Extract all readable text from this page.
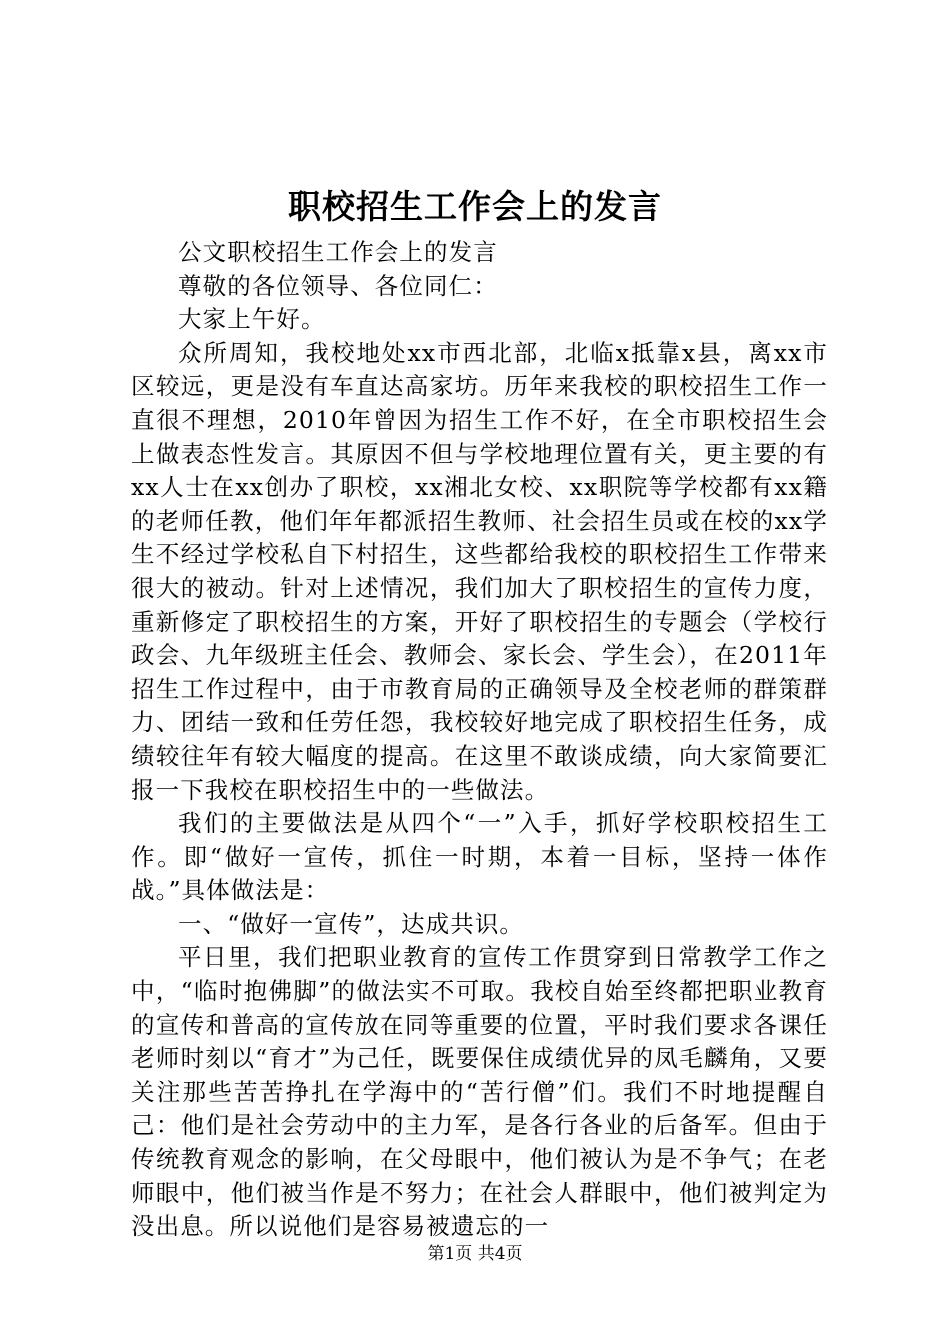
职校招生工作会上的发言

公文职校招生工作会上的发言

尊敬的各位领导、各位同仁：

大家上午好。

众所周知，我校地处xx市西北部，北临x抵靠x县，离xx市区较远，更是没有车直达高家坊。历年来我校的职校招生工作一直很不理想，2010年曾因为招生工作不好，在全市职校招生会上做表态性发言。其原因不但与学校地理位置有关，更主要的有xx人士在xx创办了职校，xx湘北女校、xx职院等学校都有xx籍的老师任教，他们年年都派招生教师、社会招生员或在校的xx学生不经过学校私自下村招生，这些都给我校的职校招生工作带来很大的被动。针对上述情况，我们加大了职校招生的宣传力度，重新修定了职校招生的方案，开好了职校招生的专题会（学校行政会、九年级班主任会、教师会、家长会、学生会），在2011年招生工作过程中，由于市教育局的正确领导及全校老师的群策群力、团结一致和任劳任怨，我校较好地完成了职校招生任务，成绩较往年有较大幅度的提高。在这里不敢谈成绩，向大家简要汇报一下我校在职校招生中的一些做法。

我们的主要做法是从四个“一”入手，抓好学校职校招生工作。即“做好一宣传，抓住一时期，本着一目标，坚持一体作战。”具体做法是：

一、“做好一宣传”，达成共识。

平日里，我们把职业教育的宣传工作贯穿到日常教学工作之中，“临时抱佛脚”的做法实不可取。我校自始至终都把职业教育的宣传和普高的宣传放在同等重要的位置，平时我们要求各课任老师时刻以“育才”为己任，既要保住成绩优异的凤毛麟角，又要关注那些苦苦挣扎在学海中的“苦行僧”们。我们不时地提醒自己：他们是社会劳动中的主力军，是各行各业的后备军。但由于传统教育观念的影响，在父母眼中，他们被认为是不争气；在老师眼中，他们被当作是不努力；在社会人群眼中，他们被判定为没出息。所以说他们是容易被遗忘的一

第1页 共4页
